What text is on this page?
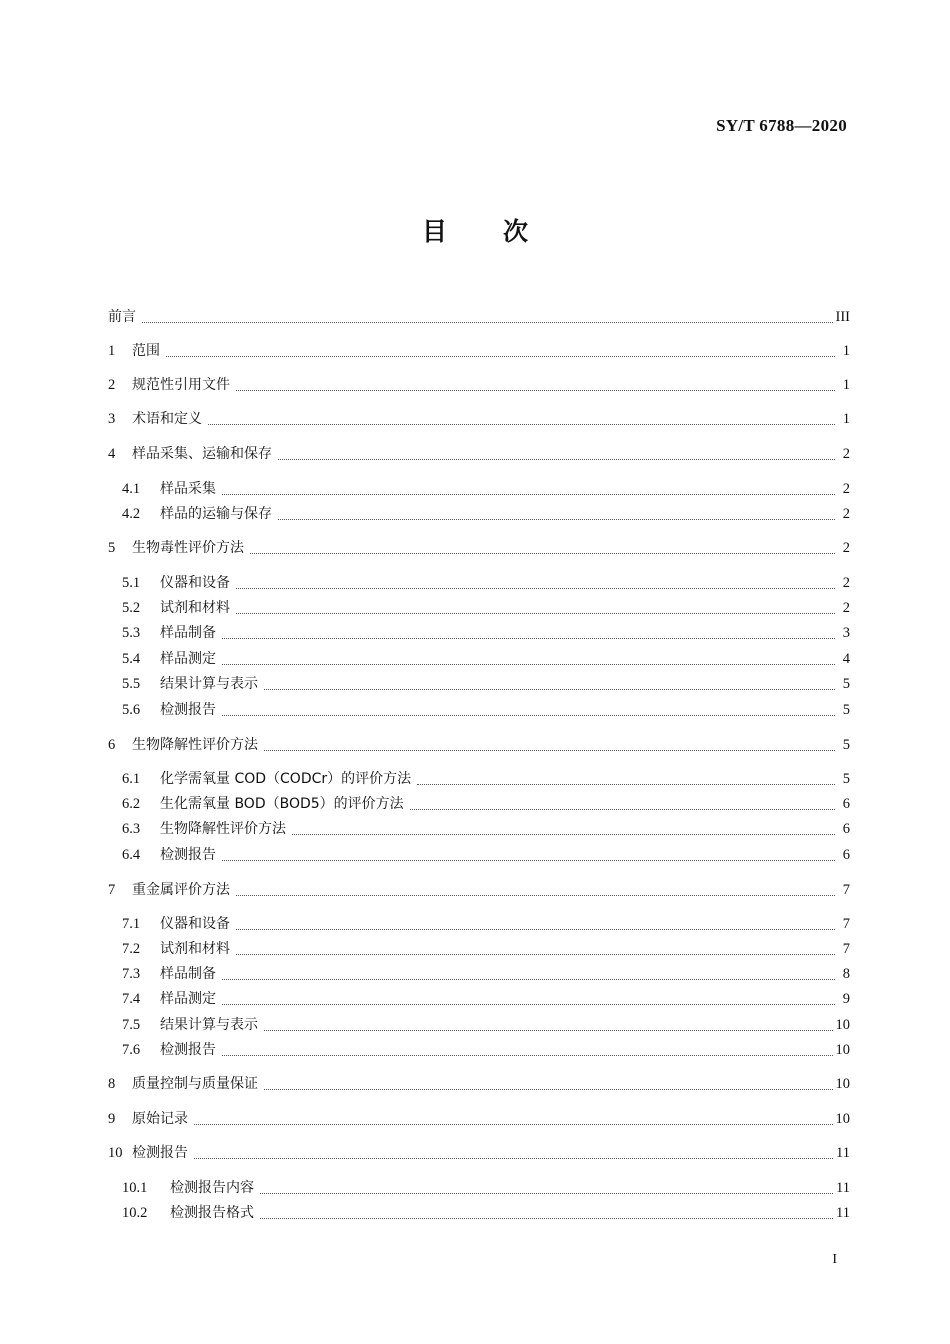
SY/T 6788—2020
目 次
前言	III
1	范围	1
2	规范性引用文件	1
3	术语和定义	1
4	样品采集、运输和保存	2
4.1	样品采集	2
4.2	样品的运输与保存	2
5	生物毒性评价方法	2
5.1	仪器和设备	2
5.2	试剂和材料	2
5.3	样品制备	3
5.4	样品测定	4
5.5	结果计算与表示	5
5.6	检测报告	5
6	生物降解性评价方法	5
6.1	化学需氧量 COD（CODCr）的评价方法	5
6.2	生化需氧量 BOD（BOD5）的评价方法	6
6.3	生物降解性评价方法	6
6.4	检测报告	6
7	重金属评价方法	7
7.1	仪器和设备	7
7.2	试剂和材料	7
7.3	样品制备	8
7.4	样品测定	9
7.5	结果计算与表示	10
7.6	检测报告	10
8	质量控制与质量保证	10
9	原始记录	10
10 检测报告	11
10.1	检测报告内容	11
10.2	检测报告格式	11
I
